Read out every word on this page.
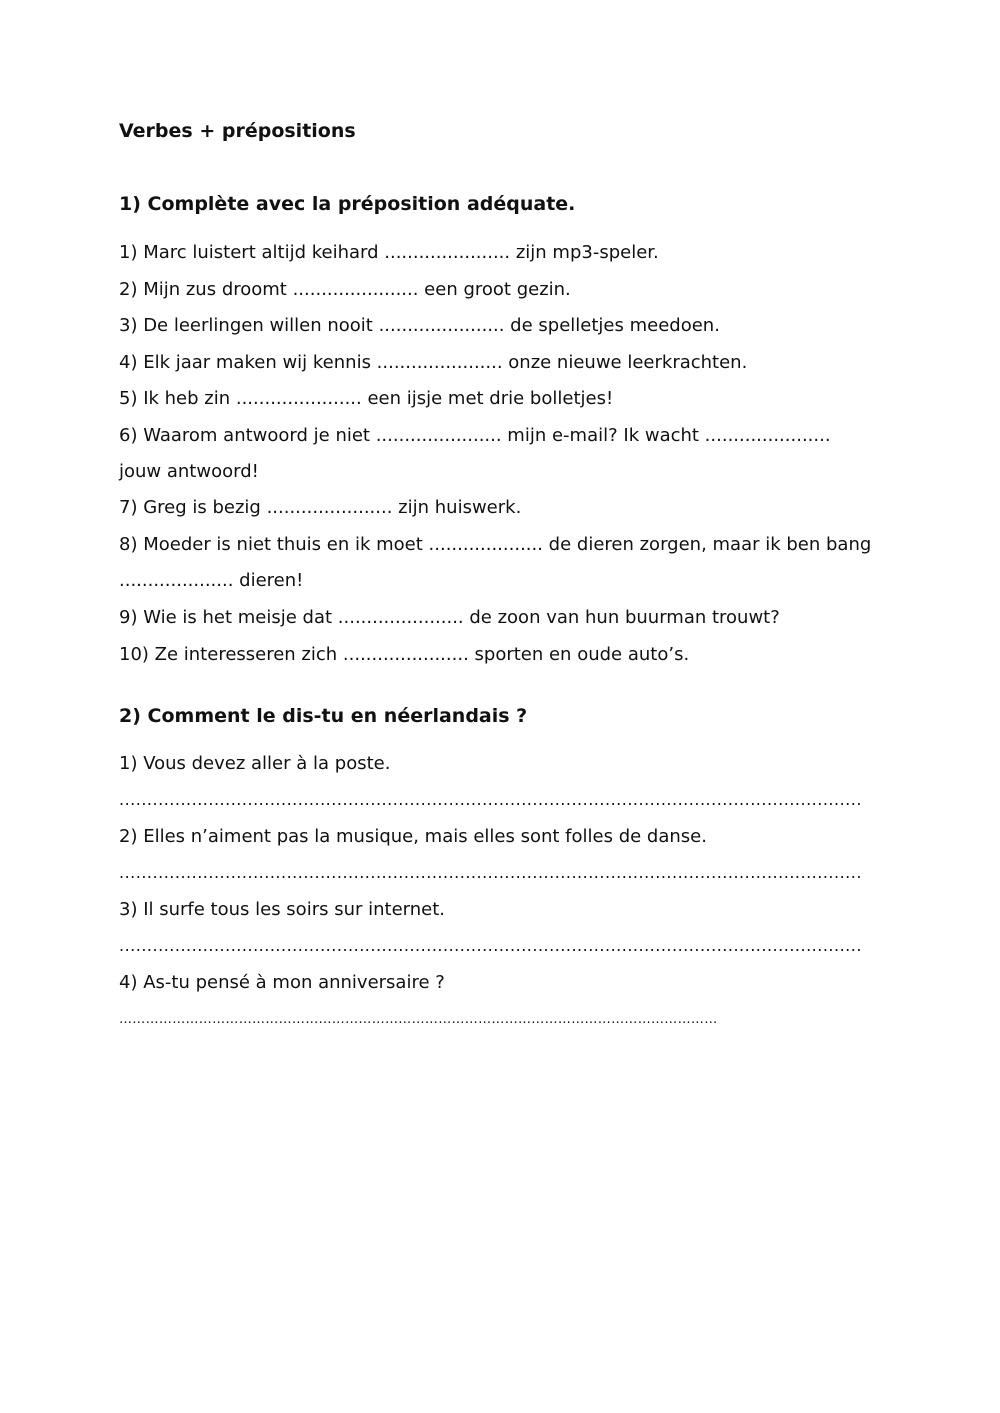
Verbes + prépositions
1) Complète avec la préposition adéquate.

1) Marc luistert altijd keihard ...................... zijn mp3-speler.

2) Mijn zus droomt ...................... een groot gezin.

3) De leerlingen willen nooit ...................... de spelletjes meedoen.

4) Elk jaar maken wij kennis ...................... onze nieuwe leerkrachten.

5) Ik heb zin ...................... een ijsje met drie bolletjes!

6) Waarom antwoord je niet ...................... mijn e-mail? Ik wacht ......................

jouw antwoord!

7) Greg is bezig ...................... zijn huiswerk.

8) Moeder is niet thuis en ik moet .................... de dieren zorgen, maar ik ben bang

.................... dieren!

9) Wie is het meisje dat ...................... de zoon van hun buurman trouwt?

10) Ze interesseren zich ...................... sporten en oude auto’s.

2) Comment le dis-tu en néerlandais ?

1) Vous devez aller à la poste.

.....................................................................................................................................

2) Elles n’aiment pas la musique, mais elles sont folles de danse.

.....................................................................................................................................

3) Il surfe tous les soirs sur internet.

.....................................................................................................................................

4) As-tu pensé à mon anniversaire ?

………………………………………………………………………………………………………………………
